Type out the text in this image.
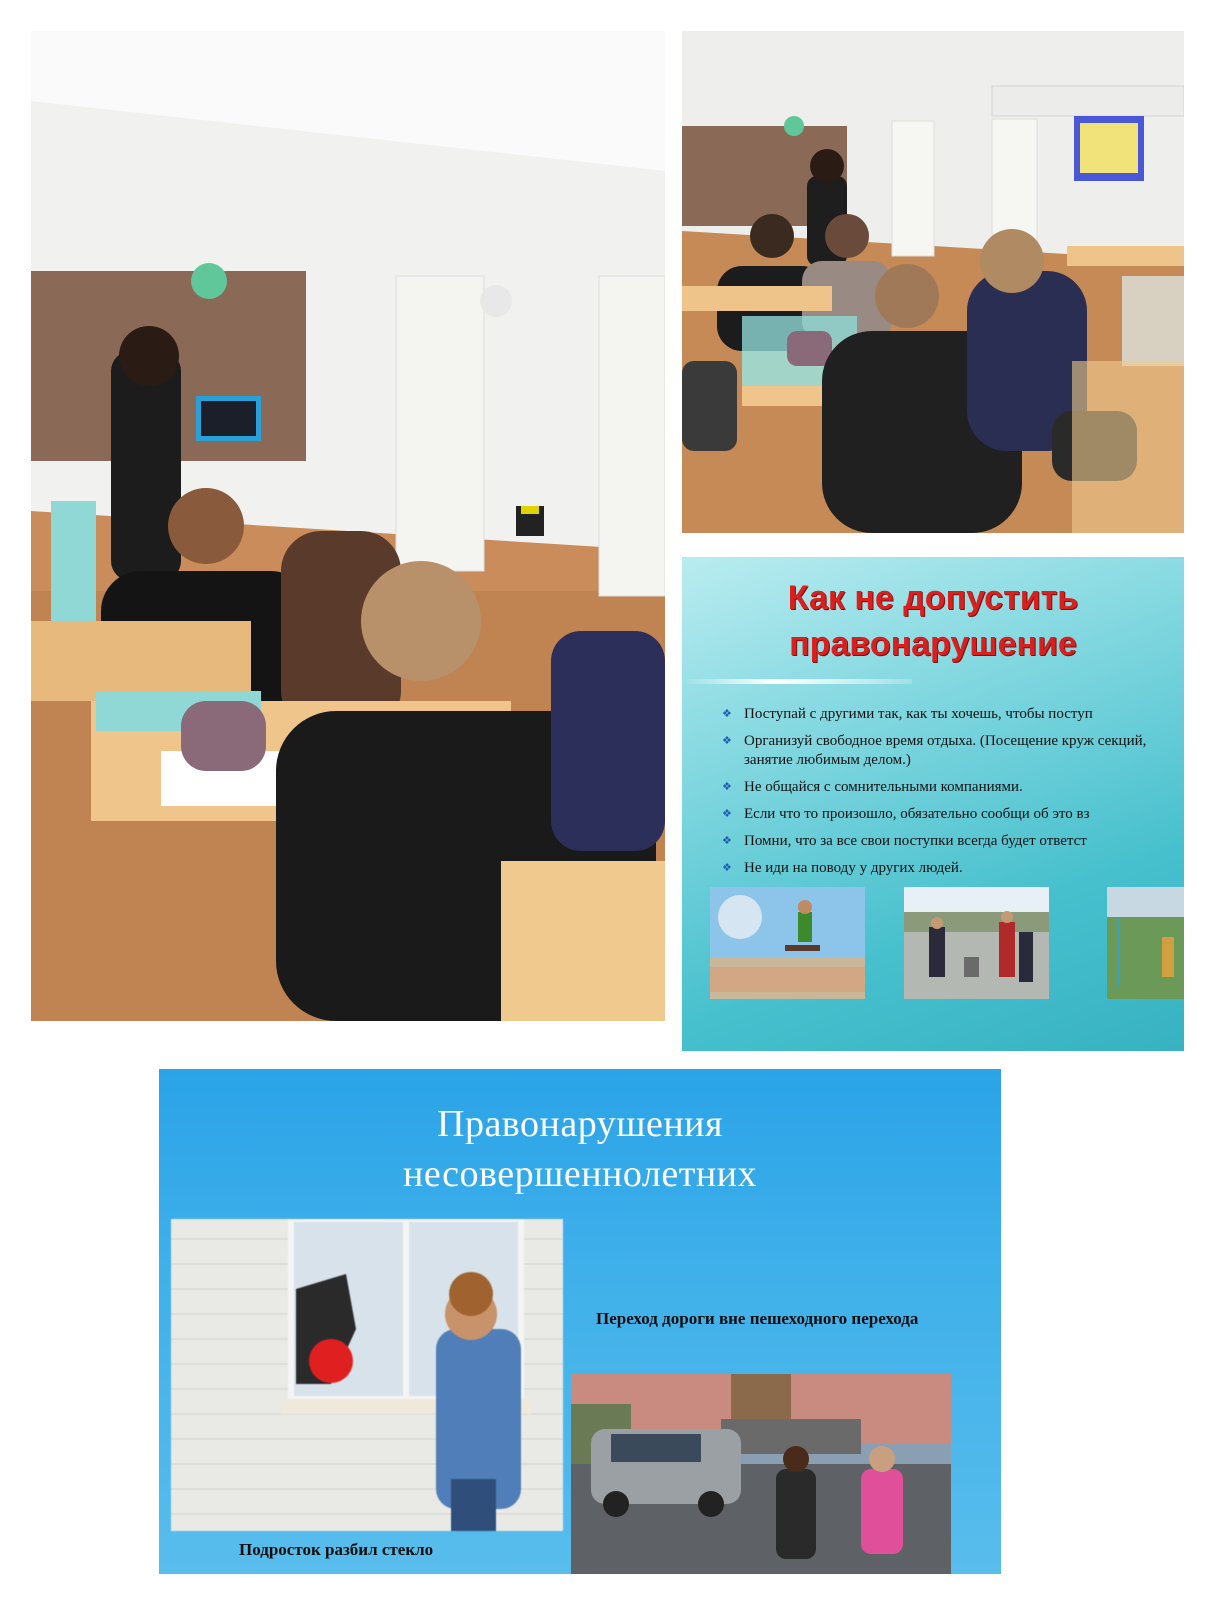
Как не допустить
правонарушение
❖ Поступай с другими так, как ты хочешь, чтобы поступ
❖ Организуй свободное время отдыха. (Посещение круж секций, занятие любимым делом.)
❖ Не общайся с сомнительными компаниями.
❖ Если что то произошло, обязательно сообщи об это вз
❖ Помни, что за все свои поступки всегда будет ответст
❖ Не иди на поводу у других людей.
Правонарушения
несовершеннолетних
Переход дороги вне пешеходного перехода
Подросток разбил стекло
